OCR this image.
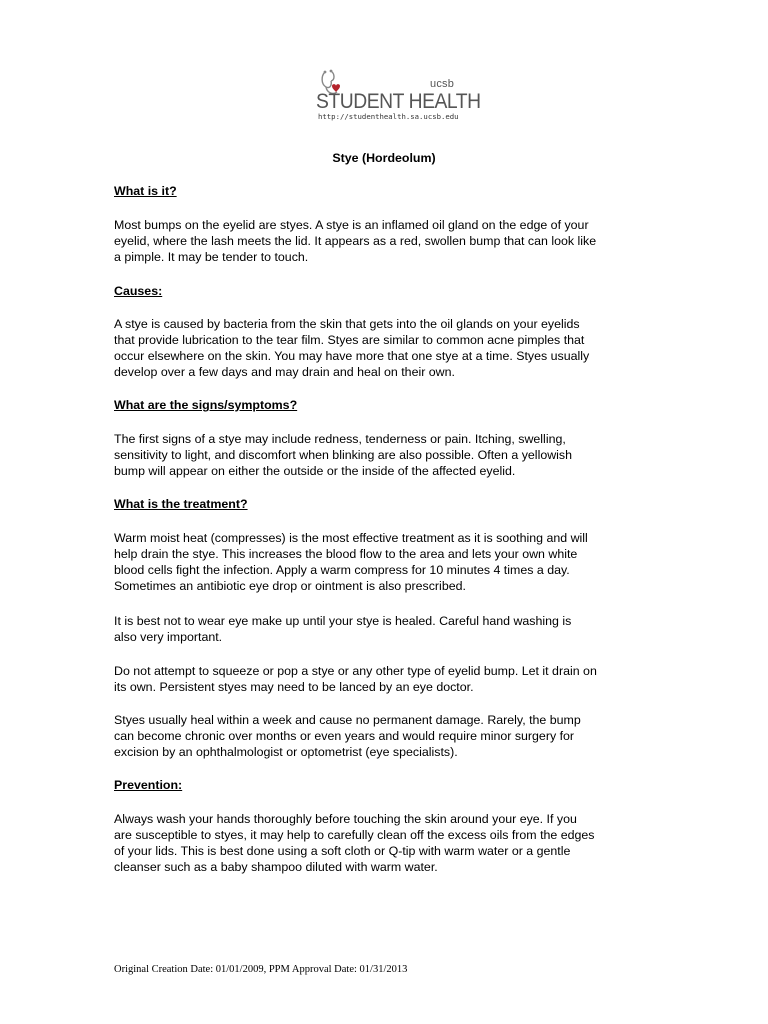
ucsb
STUDENT HEALTH
http://studenthealth.sa.ucsb.edu
Stye (Hordeolum)
What is it?
Most bumps on the eyelid are styes. A stye is an inflamed oil gland on the edge of your
eyelid, where the lash meets the lid. It appears as a red, swollen bump that can look like
a pimple. It may be tender to touch.
Causes:
A stye is caused by bacteria from the skin that gets into the oil glands on your eyelids
that provide lubrication to the tear film. Styes are similar to common acne pimples that
occur elsewhere on the skin. You may have more that one stye at a time. Styes usually
develop over a few days and may drain and heal on their own.
What are the signs/symptoms?
The first signs of a stye may include redness, tenderness or pain. Itching, swelling,
sensitivity to light, and discomfort when blinking are also possible. Often a yellowish
bump will appear on either the outside or the inside of the affected eyelid.
What is the treatment?
Warm moist heat (compresses) is the most effective treatment as it is soothing and will
help drain the stye. This increases the blood flow to the area and lets your own white
blood cells fight the infection. Apply a warm compress for 10 minutes 4 times a day.
Sometimes an antibiotic eye drop or ointment is also prescribed.
It is best not to wear eye make up until your stye is healed. Careful hand washing is
also very important.
Do not attempt to squeeze or pop a stye or any other type of eyelid bump. Let it drain on
its own. Persistent styes may need to be lanced by an eye doctor.
Styes usually heal within a week and cause no permanent damage. Rarely, the bump
can become chronic over months or even years and would require minor surgery for
excision by an ophthalmologist or optometrist (eye specialists).
Prevention:
Always wash your hands thoroughly before touching the skin around your eye. If you
are susceptible to styes, it may help to carefully clean off the excess oils from the edges
of your lids. This is best done using a soft cloth or Q-tip with warm water or a gentle
cleanser such as a baby shampoo diluted with warm water.
Original Creation Date: 01/01/2009, PPM Approval Date: 01/31/2013
